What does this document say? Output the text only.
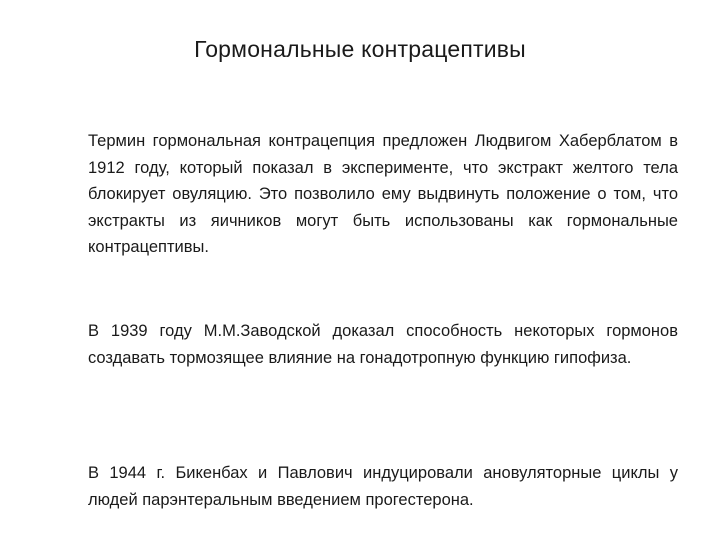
Гормональные контрацептивы

Термин гормональная контрацепция предложен Людвигом Хаберблатом в 1912 году, который показал в эксперименте, что экстракт желтого тела блокирует овуляцию. Это позволило ему выдвинуть положение о том, что экстракты из яичников могут быть использованы как гормональные контрацептивы.

В 1939 году М.М.Заводской доказал способность некоторых гормонов создавать тормозящее влияние на гонадотропную функцию гипофиза.

В 1944 г. Бикенбах и Павлович индуцировали ановуляторные циклы у людей парэнтеральным введением прогестерона.
